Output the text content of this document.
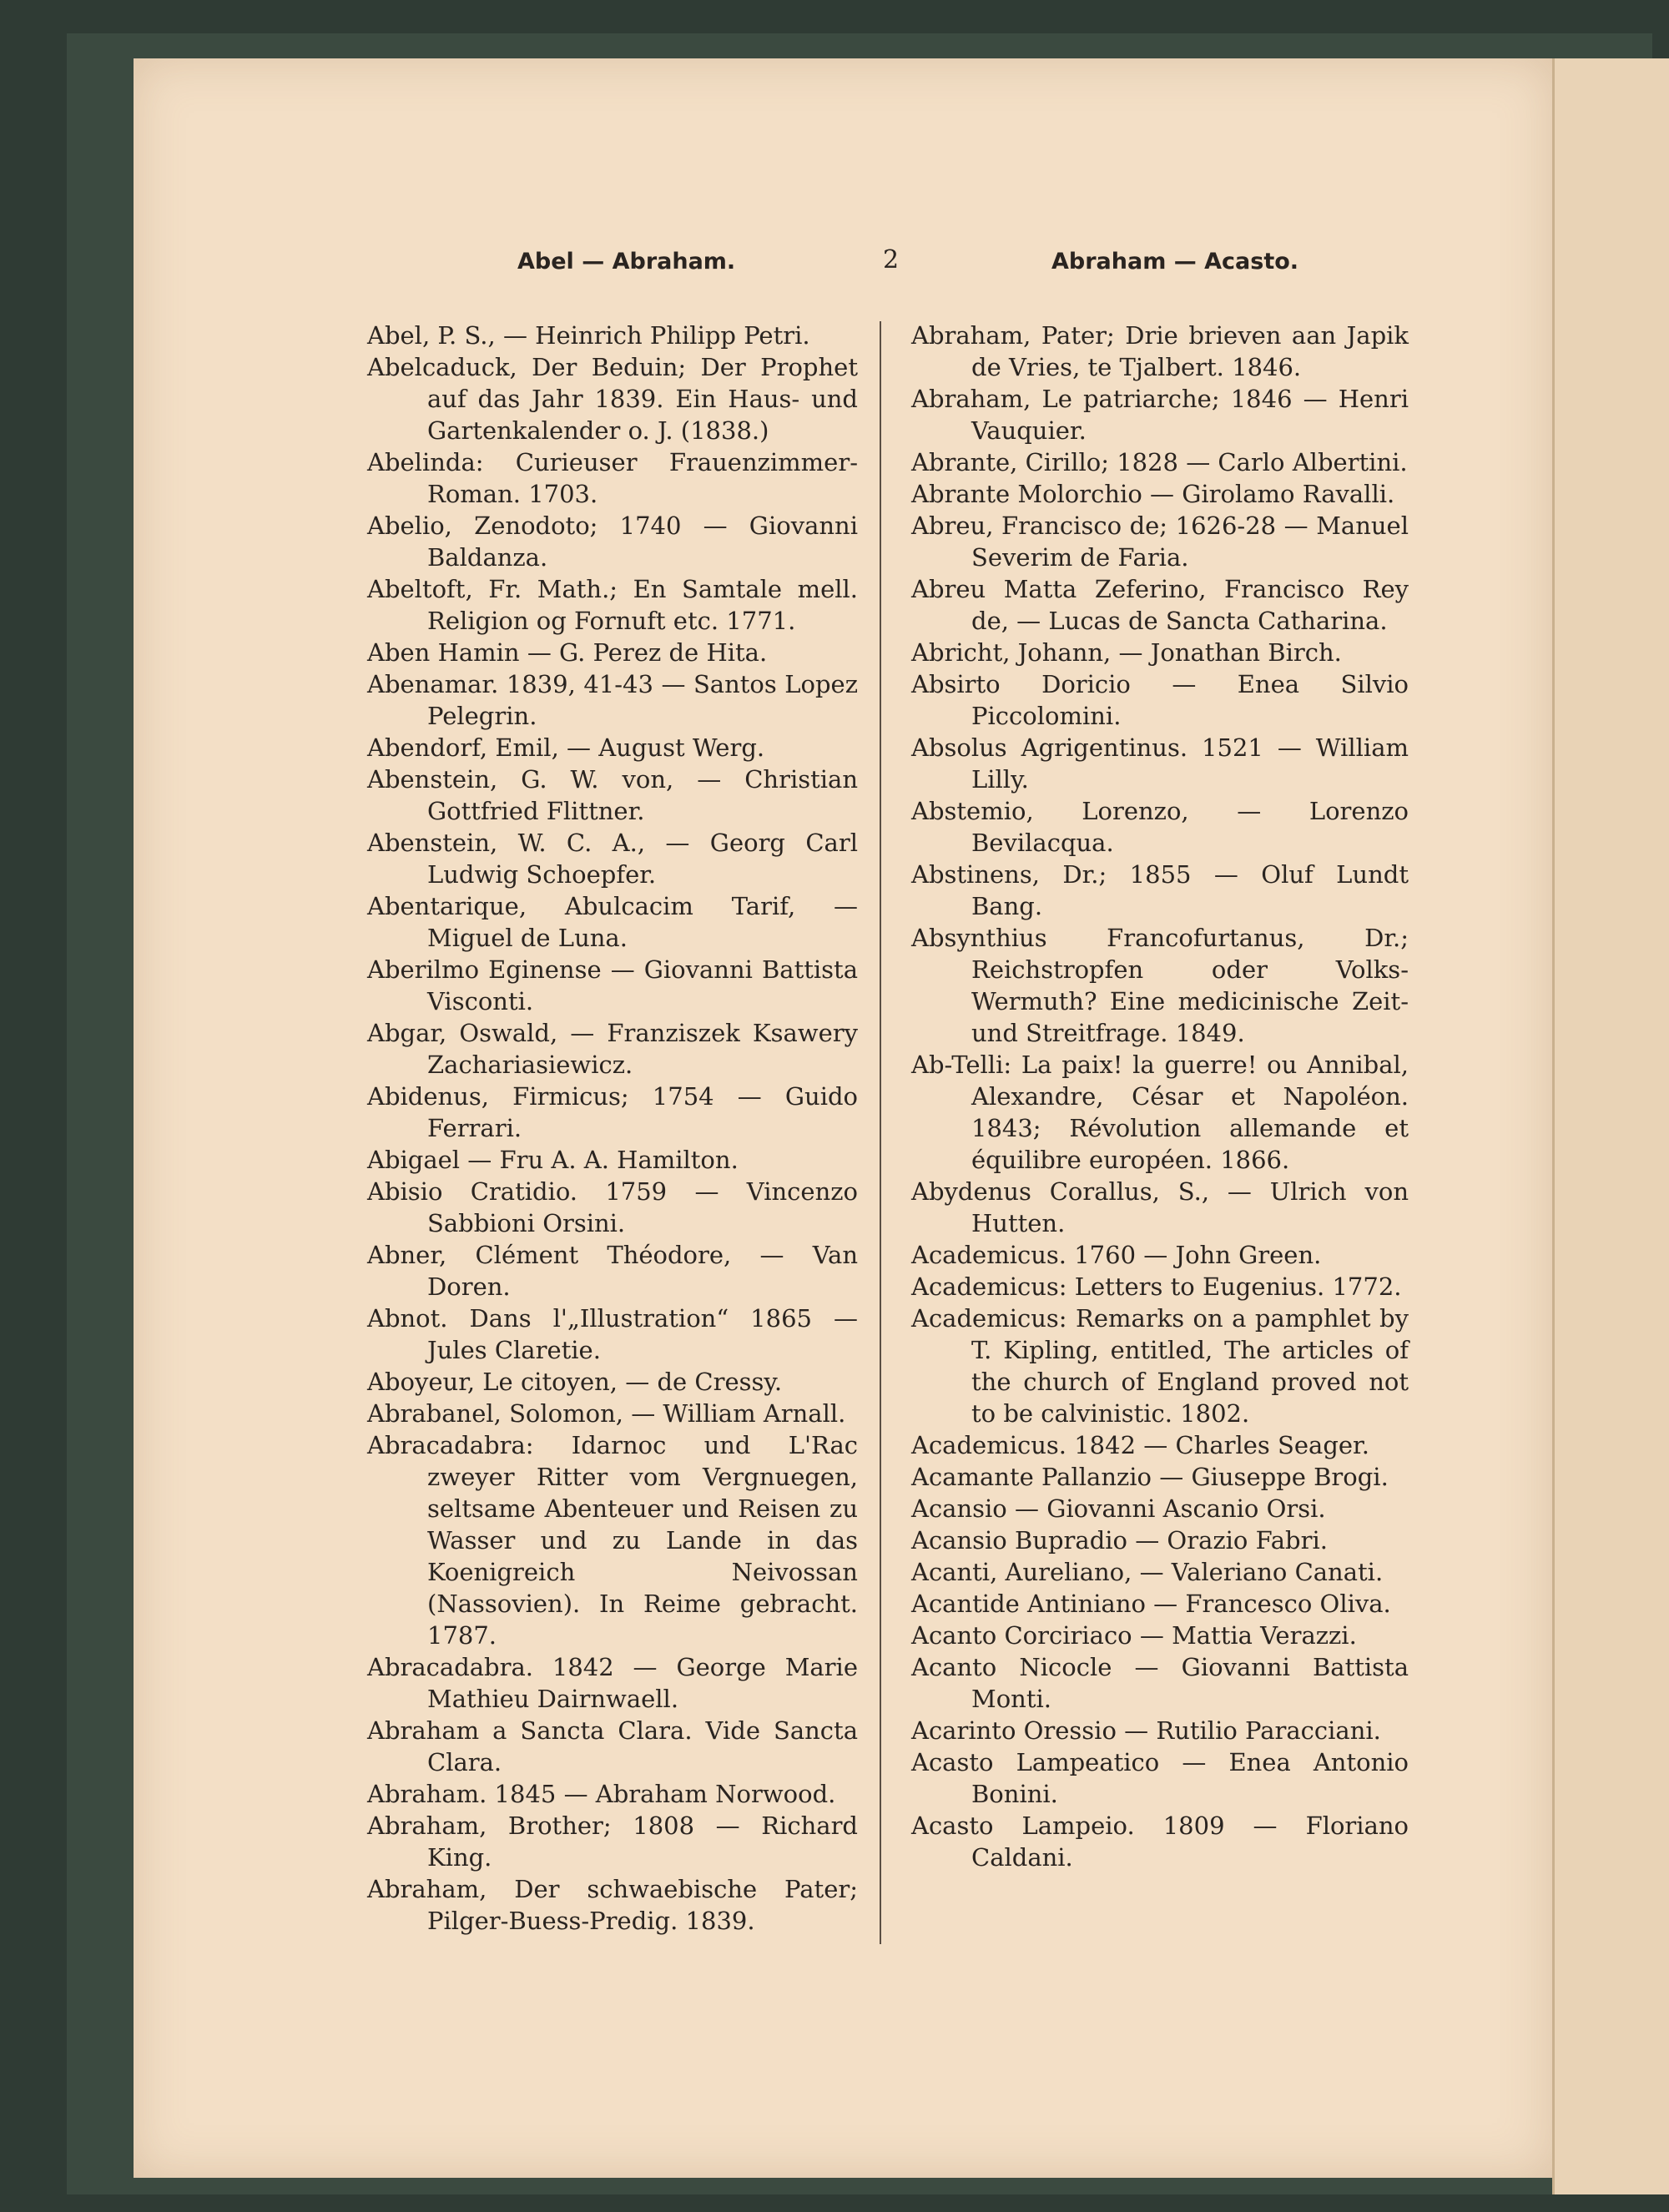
Abel — Abraham.	2	Abraham — Acasto.

Abel, P. S., — Heinrich Philipp Petri.

Abelcaduck, Der Beduin; Der Prophet auf das Jahr 1839. Ein Haus- und Gartenkalender o. J. (1838.)

Abelinda: Curieuser Frauenzimmer-Roman. 1703.

Abelio, Zenodoto; 1740 — Giovanni Baldanza.

Abeltoft, Fr. Math.; En Samtale mell. Religion og Fornuft etc. 1771.

Aben Hamin — G. Perez de Hita.

Abenamar. 1839, 41-43 — Santos Lopez Pelegrin.

Abendorf, Emil, — August Werg.

Abenstein, G. W. von, — Christian Gottfried Flittner.

Abenstein, W. C. A., — Georg Carl Ludwig Schoepfer.

Abentarique, Abulcacim Tarif, — Miguel de Luna.

Aberilmo Eginense — Giovanni Battista Visconti.

Abgar, Oswald, — Franziszek Ksawery Zachariasiewicz.

Abidenus, Firmicus; 1754 — Guido Ferrari.

Abigael — Fru A. A. Hamilton.

Abisio Cratidio. 1759 — Vincenzo Sabbioni Orsini.

Abner, Clément Théodore, — Van Doren.

Abnot. Dans l'„Illustration“ 1865 — Jules Claretie.

Aboyeur, Le citoyen, — de Cressy.

Abrabanel, Solomon, — William Arnall.

Abracadabra: Idarnoc und L'Rac zweyer Ritter vom Vergnuegen, seltsame Abenteuer und Reisen zu Wasser und zu Lande in das Koenigreich Neivossan (Nassovien). In Reime gebracht. 1787.

Abracadabra. 1842 — George Marie Mathieu Dairnwaell.

Abraham a Sancta Clara. Vide Sancta Clara.

Abraham. 1845 — Abraham Norwood.

Abraham, Brother; 1808 — Richard King.

Abraham, Der schwaebische Pater; Pilger-Buess-Predig. 1839.

Abraham, Pater; Drie brieven aan Japik de Vries, te Tjalbert. 1846.

Abraham, Le patriarche; 1846 — Henri Vauquier.

Abrante, Cirillo; 1828 — Carlo Albertini.

Abrante Molorchio — Girolamo Ravalli.

Abreu, Francisco de; 1626-28 — Manuel Severim de Faria.

Abreu Matta Zeferino, Francisco Rey de, — Lucas de Sancta Catharina.

Abricht, Johann, — Jonathan Birch.

Absirto Doricio — Enea Silvio Piccolomini.

Absolus Agrigentinus. 1521 — William Lilly.

Abstemio, Lorenzo, — Lorenzo Bevilacqua.

Abstinens, Dr.; 1855 — Oluf Lundt Bang.

Absynthius Francofurtanus, Dr.; Reichstropfen oder Volks-Wermuth? Eine medicinische Zeit- und Streitfrage. 1849.

Ab-Telli: La paix! la guerre! ou Annibal, Alexandre, César et Napoléon. 1843; Révolution allemande et équilibre européen. 1866.

Abydenus Corallus, S., — Ulrich von Hutten.

Academicus. 1760 — John Green.

Academicus: Letters to Eugenius. 1772.

Academicus: Remarks on a pamphlet by T. Kipling, entitled, The articles of the church of England proved not to be calvinistic. 1802.

Academicus. 1842 — Charles Seager.

Acamante Pallanzio — Giuseppe Brogi.

Acansio — Giovanni Ascanio Orsi.

Acansio Bupradio — Orazio Fabri.

Acanti, Aureliano, — Valeriano Canati.

Acantide Antiniano — Francesco Oliva.

Acanto Corciriaco — Mattia Verazzi.

Acanto Nicocle — Giovanni Battista Monti.

Acarinto Oressio — Rutilio Paracciani.

Acasto Lampeatico — Enea Antonio Bonini.

Acasto Lampeio. 1809 — Floriano Caldani.
